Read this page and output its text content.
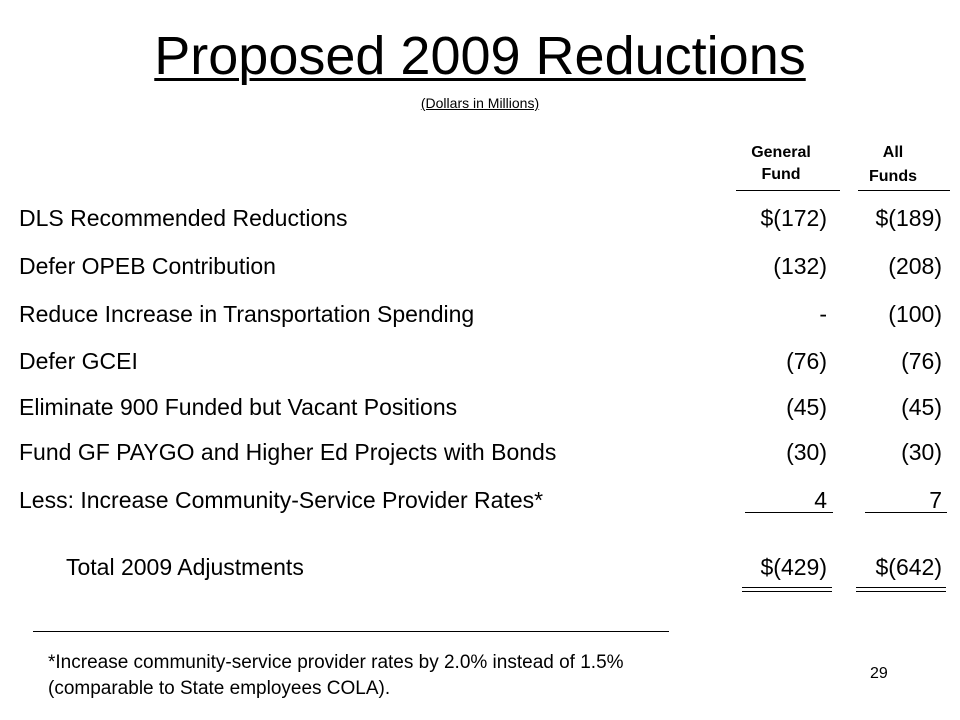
Proposed 2009 Reductions
(Dollars in Millions)
General
Fund
All
Funds
DLS Recommended Reductions	$(172) $(189)
Defer OPEB Contribution	(132)	(208)
Reduce Increase in Transportation Spending	-	(100)
Defer GCEI	(76)	(76)
Eliminate 900 Funded but Vacant Positions	(45)	(45)
Fund GF PAYGO and Higher Ed Projects with Bonds	(30)	(30)
Less: Increase Community-Service Provider Rates*	4	7
Total 2009 Adjustments	$(429) $(642)
*Increase community-service provider rates by 2.0% instead of 1.5%
(comparable to State employees COLA).
29
